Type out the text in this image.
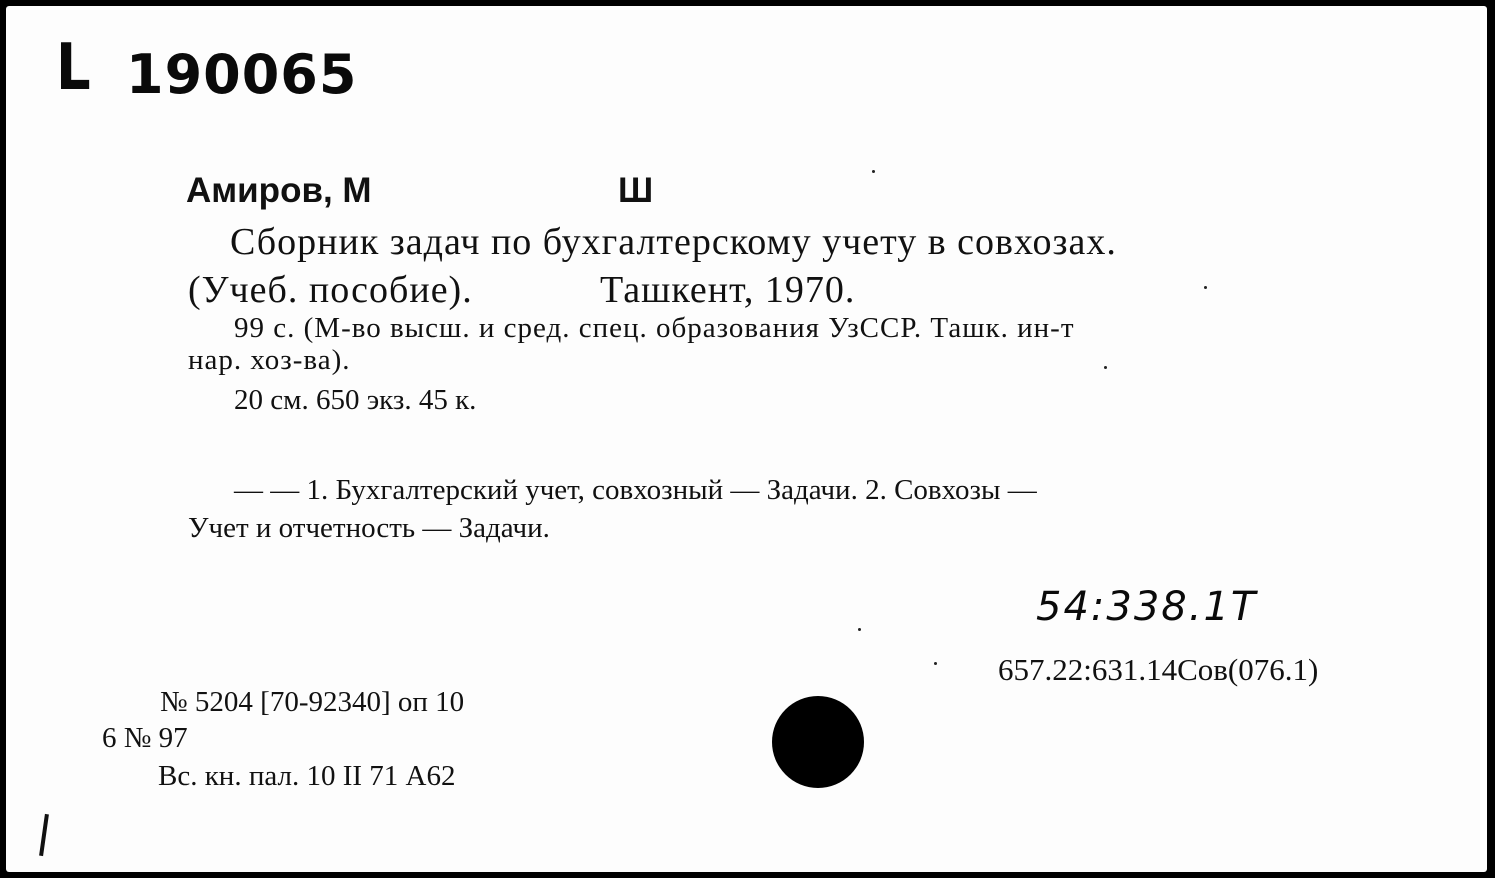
L 190065
Амиров, М	Ш
Сборник задач по бухгалтерскому учету в совхозах.
(Учеб. пособие).	Ташкент, 1970.
99 с. (М-во высш. и сред. спец. образования УзССР. Ташк. ин-т
нар. хоз-ва).
20 см. 650 экз. 45 к.
— — 1. Бухгалтерский учет, совхозный — Задачи. 2. Совхозы —
Учет и отчетность — Задачи.
54:338.1Т
657.22:631.14Сов(076.1)
№ 5204 [70-92340] оп 10
6 № 97
Вс. кн. пал. 10 II 71 А62
